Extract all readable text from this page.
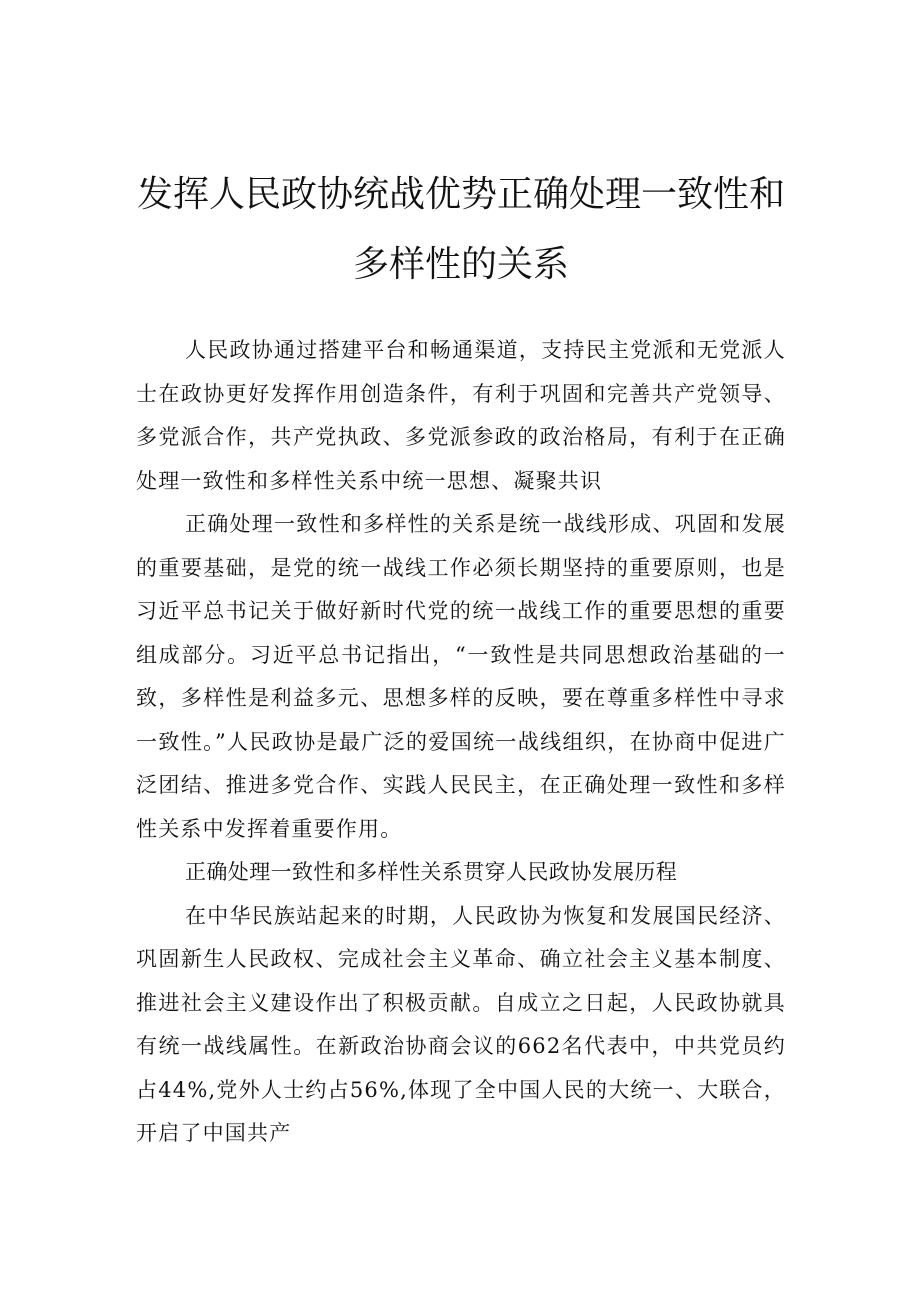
发挥人民政协统战优势正确处理一致性和
多样性的关系

人民政协通过搭建平台和畅通渠道，支持民主党派和无党派人士在政协更好发挥作用创造条件，有利于巩固和完善共产党领导、多党派合作，共产党执政、多党派参政的政治格局，有利于在正确处理一致性和多样性关系中统一思想、凝聚共识

正确处理一致性和多样性的关系是统一战线形成、巩固和发展的重要基础，是党的统一战线工作必须长期坚持的重要原则，也是习近平总书记关于做好新时代党的统一战线工作的重要思想的重要组成部分。习近平总书记指出，“一致性是共同思想政治基础的一致，多样性是利益多元、思想多样的反映，要在尊重多样性中寻求一致性。”人民政协是最广泛的爱国统一战线组织，在协商中促进广泛团结、推进多党合作、实践人民民主，在正确处理一致性和多样性关系中发挥着重要作用。

正确处理一致性和多样性关系贯穿人民政协发展历程

在中华民族站起来的时期，人民政协为恢复和发展国民经济、巩固新生人民政权、完成社会主义革命、确立社会主义基本制度、推进社会主义建设作出了积极贡献。自成立之日起，人民政协就具有统一战线属性。在新政治协商会议的662名代表中，中共党员约占44%,党外人士约占56%,体现了全中国人民的大统一、大联合，开启了中国共产
